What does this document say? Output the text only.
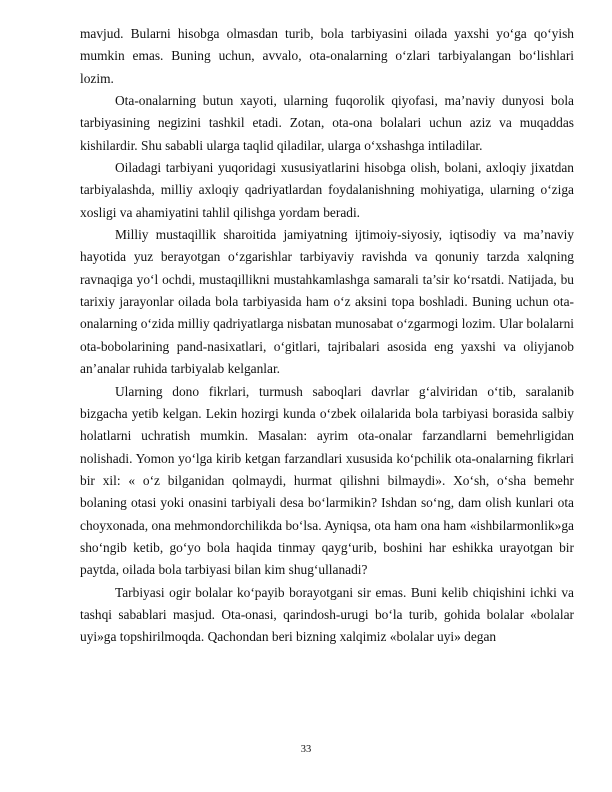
mavjud. Bularni hisobga olmasdan turib, bola tarbiyasini oilada yaxshi yo‘ga qo‘yish mumkin emas. Buning uchun, avvalo, ota-onalarning o‘zlari tarbiyalangan bo‘lishlari lozim.

Ota-onalarning butun xayoti, ularning fuqorolik qiyofasi, ma’naviy dunyosi bola tarbiyasining negizini tashkil etadi. Zotan, ota-ona bolalari uchun aziz va muqaddas kishilardir. Shu sababli ularga taqlid qiladilar, ularga o‘xshashga intiladilar.

Oiladagi tarbiyani yuqoridagi xususiyatlarini hisobga olish, bolani, axloqiy jixatdan tarbiyalashda, milliy axloqiy qadriyatlardan foydalanishning mohiyatiga, ularning o‘ziga xosligi va ahamiyatini tahlil qilishga yordam beradi.

Milliy mustaqillik sharoitida jamiyatning ijtimoiy-siyosiy, iqtisodiy va ma’naviy hayotida yuz berayotgan o‘zgarishlar tarbiyaviy ravishda va qonuniy tarzda xalqning ravnaqiga yo‘l ochdi, mustaqillikni mustahkamlashga samarali ta’sir ko‘rsatdi. Natijada, bu tarixiy jarayonlar oilada bola tarbiyasida ham o‘z aksini topa boshladi. Buning uchun ota-onalarning o‘zida milliy qadriyatlarga nisbatan munosabat o‘zgarmogi lozim. Ular bolalarni ota-bobolarining pand-nasixatlari, o‘gitlari, tajribalari asosida eng yaxshi va oliyjanob an’analar ruhida tarbiyalab kelganlar.

Ularning dono fikrlari, turmush saboqlari davrlar g‘alviridan o‘tib, saralanib bizgacha yetib kelgan. Lekin hozirgi kunda o‘zbek oilalarida bola tarbiyasi borasida salbiy holatlarni uchratish mumkin. Masalan: ayrim ota-onalar farzandlarni bemehrligidan nolishadi. Yomon yo‘lga kirib ketgan farzandlari xususida ko‘pchilik ota-onalarning fikrlari bir xil: « o‘z bilganidan qolmaydi, hurmat qilishni bilmaydi». Xo‘sh, o‘sha bemehr bolaning otasi yoki onasini tarbiyali desa bo‘larmikin? Ishdan so‘ng, dam olish kunlari ota choyxonada, ona mehmondorchilikda bo‘lsa. Ayniqsa, ota ham ona ham «ishbilarmonlik»ga sho‘ngib ketib, go‘yo bola haqida tinmay qayg‘urib, boshini har eshikka urayotgan bir paytda, oilada bola tarbiyasi bilan kim shug‘ullanadi?

Tarbiyasi ogir bolalar ko‘payib borayotgani sir emas. Buni kelib chiqishini ichki va tashqi sabablari masjud. Ota-onasi, qarindosh-urugi bo‘la turib, gohida bolalar «bolalar uyi»ga topshirilmoqda. Qachondan beri bizning xalqimiz «bolalar uyi» degan

33
